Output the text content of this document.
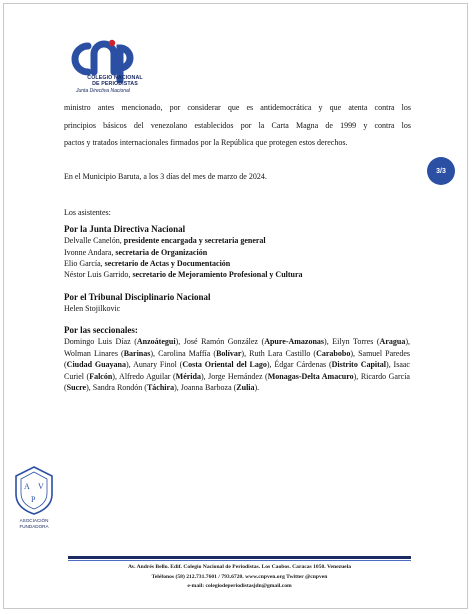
COLEGIO NACIONAL
DE PERIODISTAS
Junta Directiva Nacional
ministro antes mencionado, por considerar que es antidemocrática y que atenta contra los
principios básicos del venezolano establecidos por la Carta Magna de 1999 y contra los
pactos y tratados internacionales firmados por la República que protegen estos derechos.
En el Municipio Baruta, a los 3 días del mes de marzo de 2024.
3/3
Los asistentes:
Por la Junta Directiva Nacional
Delvalle Canelón, presidente encargada y secretaria general
Ivonne Andara, secretaria de Organización
Elio García, secretario de Actas y Documentación
Néstor Luis Garrido, secretario de Mejoramiento Profesional y Cultura
Por el Tribunal Disciplinario Nacional
Helen Stojilkovic
Por las seccionales:
Domingo Luis Díaz (Anzoátegui), José Ramón González (Apure-Amazonas), Eilyn Torres (Aragua), Wolman Linares (Barinas), Carolina Maffía (Bolívar), Ruth Lara Castillo (Carabobo), Samuel Paredes (Ciudad Guayana), Aunary Finol (Costa Oriental del Lago), Édgar Cárdenas (Distrito Capital), Isaac Curiel (Falcón), Alfredo Aguilar (Mérida), Jorge Hernández (Monagas-Delta Amacuro), Ricardo García (Sucre), Sandra Rondón (Táchira), Joanna Barboza (Zulia).
A V
P
ASOCIACIÓN
FUNDADORA
Av. Andrés Bello. Edif. Colegio Nacional de Periodistas. Los Caobos. Caracas 1050. Venezuela
Teléfonos (58) 212.731.7601 / 793.6720. www.cnpven.org Twitter @cnpven
e-mail: colegiodeperiodistasjdn@gmail.com
